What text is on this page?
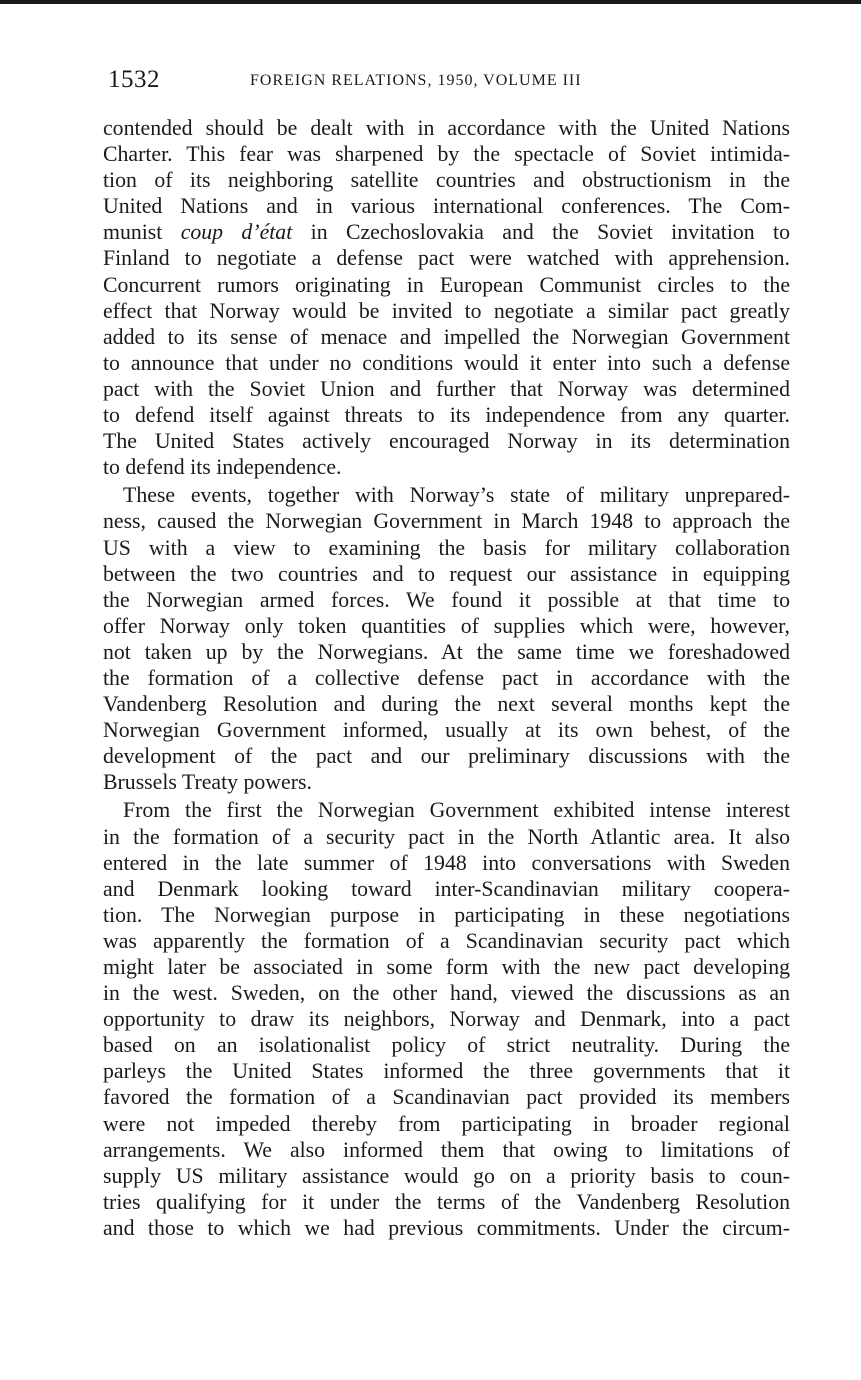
1532	FOREIGN RELATIONS, 1950, VOLUME III
contended should be dealt with in accordance with the United Nations
Charter. This fear was sharpened by the spectacle of Soviet intimida-
tion of its neighboring satellite countries and obstructionism in the
United Nations and in various international conferences. The Com-
munist coup d’état in Czechoslovakia and the Soviet invitation to
Finland to negotiate a defense pact were watched with apprehension.
Concurrent rumors originating in European Communist circles to the
effect that Norway would be invited to negotiate a similar pact greatly
added to its sense of menace and impelled the Norwegian Government
to announce that under no conditions would it enter into such a defense
pact with the Soviet Union and further that Norway was determined
to defend itself against threats to its independence from any quarter.
The United States actively encouraged Norway in its determination
to defend its independence.
These events, together with Norway’s state of military unprepared-
ness, caused the Norwegian Government in March 1948 to approach the
US with a view to examining the basis for military collaboration
between the two countries and to request our assistance in equipping
the Norwegian armed forces. We found it possible at that time to
offer Norway only token quantities of supplies which were, however,
not taken up by the Norwegians. At the same time we foreshadowed
the formation of a collective defense pact in accordance with the
Vandenberg Resolution and during the next several months kept the
Norwegian Government informed, usually at its own behest, of the
development of the pact and our preliminary discussions with the
Brussels Treaty powers.
From the first the Norwegian Government exhibited intense interest
in the formation of a security pact in the North Atlantic area. It also
entered in the late summer of 1948 into conversations with Sweden
and Denmark looking toward inter-Scandinavian military coopera-
tion. The Norwegian purpose in participating in these negotiations
was apparently the formation of a Scandinavian security pact which
might later be associated in some form with the new pact developing
in the west. Sweden, on the other hand, viewed the discussions as an
opportunity to draw its neighbors, Norway and Denmark, into a pact
based on an isolationalist policy of strict neutrality. During the
parleys the United States informed the three governments that it
favored the formation of a Scandinavian pact provided its members
were not impeded thereby from participating in broader regional
arrangements. We also informed them that owing to limitations of
supply US military assistance would go on a priority basis to coun-
tries qualifying for it under the terms of the Vandenberg Resolution
and those to which we had previous commitments. Under the circum-
